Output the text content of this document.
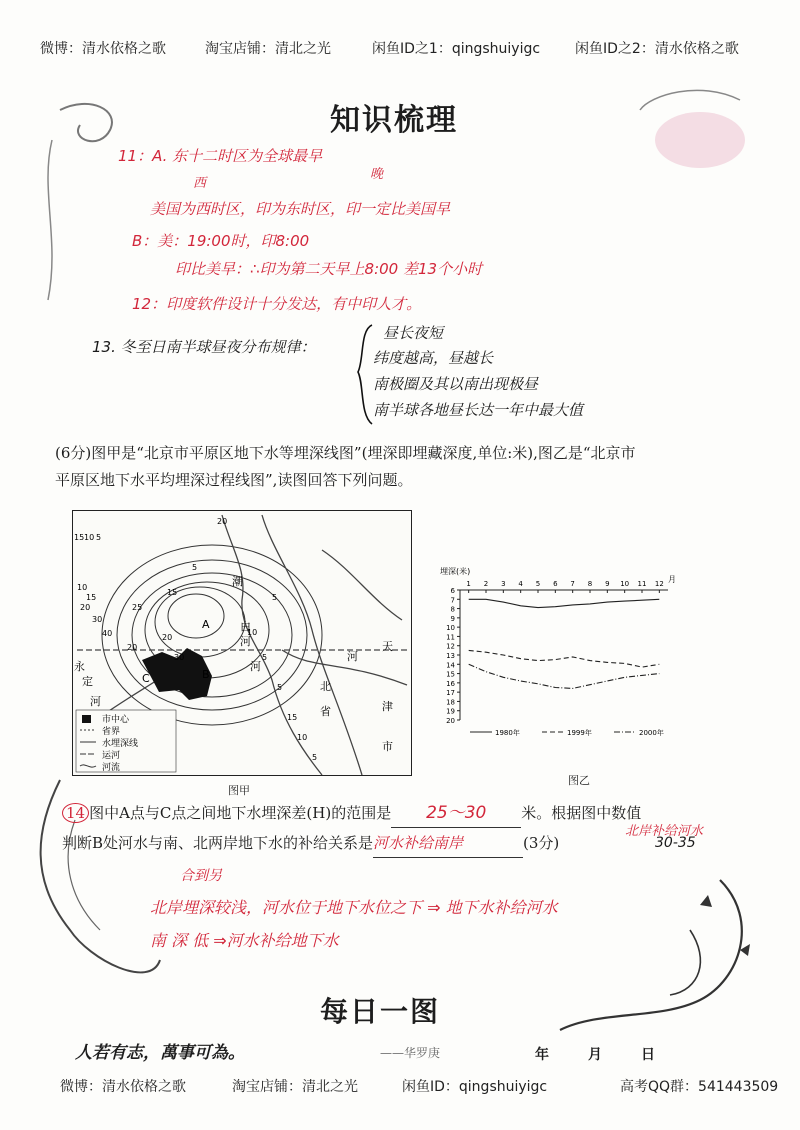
微博：清水依格之歌	淘宝店铺：清北之光	闲鱼ID之1：qingshuiyigc 闲鱼ID之2：清水依格之歌
知识梳理
11：A. 东十二时区为全球最早
晚
西
美国为西时区，印为东时区，印一定比美国早
B：美：19:00时，印8:00
印比美早：∴印为第二天早上8:00 差13个小时
12：印度软件设计十分发达，有中印人才。
13. 冬至日南半球昼夜分布规律：
昼长夜短
纬度越高，昼越长
南极圈及其以南出现极昼
南半球各地昼长达一年中最大值
(6分)图甲是“北京市平原区地下水等埋深线图”(埋深即埋藏深度,单位:米),图乙是“北京市
平原区地下水平均埋深过程线图”,读图回答下列问题。
A
B
C
天
津
河
北
省
市
潮
白
河
河
永
定
河
20
15 10 5
30
40
25
15
20
10
5
5
10
5
5
15
20
30
20
15
10
5
市中心
省界
水埋深线
运河
河流
图甲
埋深(米)
月
6
7
8
9
10
11
12
13
14
15
16
17
18
19
20
1 2 3 4 5 6 7 8 9 10 11 12
1980年	1999年	2000年
图乙
14 图中A点与C点之间地下水埋深差(H)的范围是 25～30 米。根据图中数值
判断B处河水与南、北两岸地下水的补给关系是河水补给南岸	(3分)
北岸补给河水
30-35
合到另
北岸埋深较浅，河水位于地下水位之下 ⇒ 地下水补给河水
南 深 低 ⇒河水补给地下水
每日一图
人若有志，萬事可為。	——华罗庚	年        月        日
微博：清水依格之歌	淘宝店铺：清北之光	闲鱼ID：qingshuiyigc	高考QQ群：541443509
